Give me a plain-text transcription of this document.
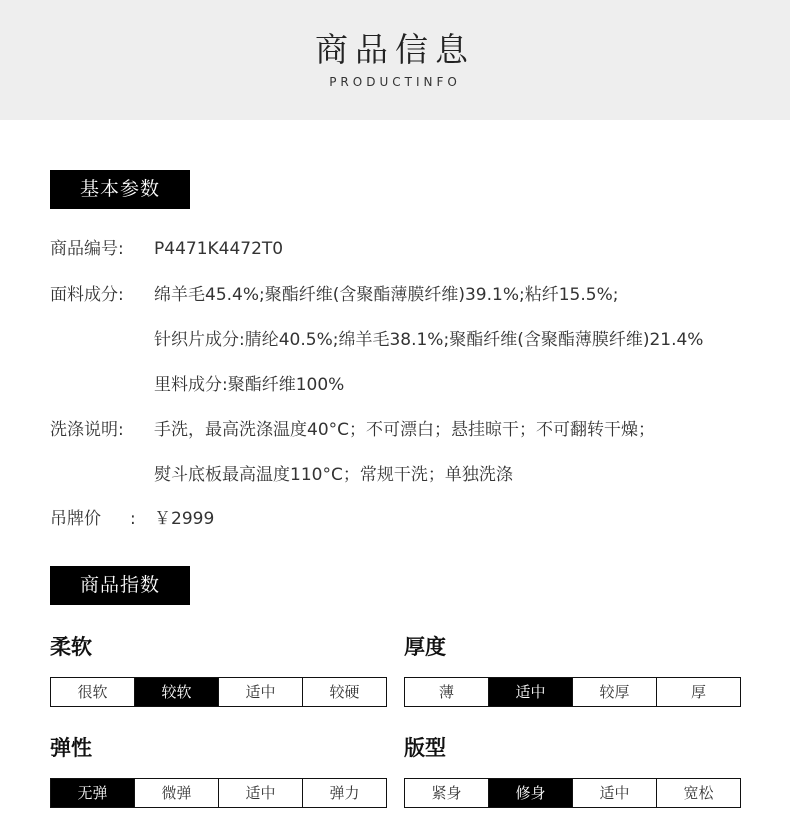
商品信息
PRODUCTINFO
基本参数
商品编号: P4471K4472T0
面料成分: 绵羊毛45.4%;聚酯纤维(含聚酯薄膜纤维)39.1%;粘纤15.5%;
针织片成分:腈纶40.5%;绵羊毛38.1%;聚酯纤维(含聚酯薄膜纤维)21.4%
里料成分:聚酯纤维100%
洗涤说明: 手洗，最高洗涤温度40°C；不可漂白；悬挂晾干；不可翻转干燥；
熨斗底板最高温度110°C；常规干洗；单独洗涤
吊牌价 : ￥2999
商品指数
柔软
很软	较软	适中	较硬
厚度
薄	适中	较厚	厚
弹性
无弹	微弹	适中	弹力
版型
紧身	修身	适中	宽松
